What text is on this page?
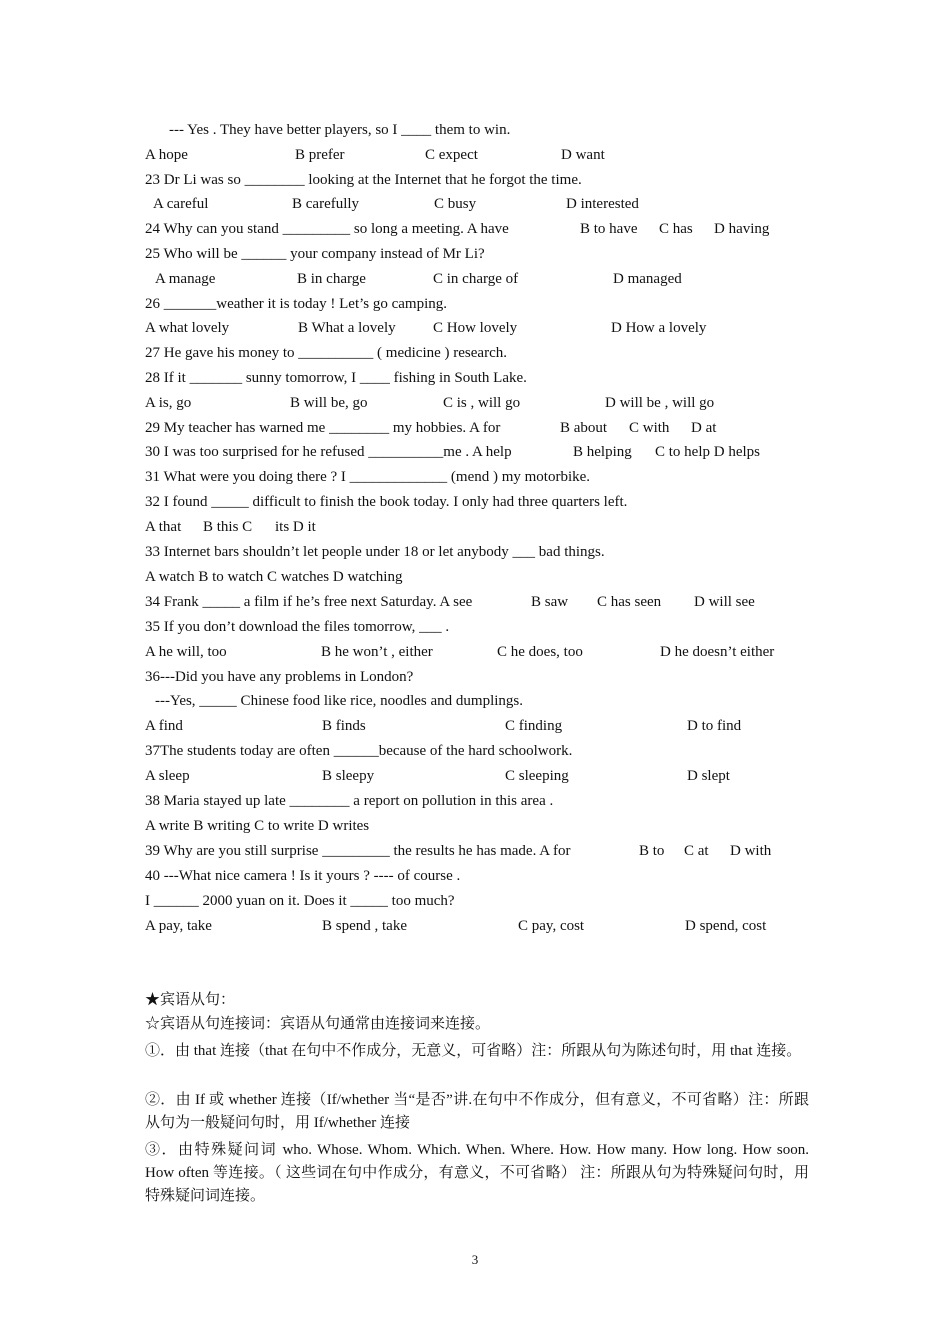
--- Yes . They have better players, so I ____ them to win.

A hope

	B prefer

	C expect

	D want

23 Dr Li was so ________ looking at the Internet that he forgot the time.

A careful

	B carefully

	C busy

	D interested

24 Why can you stand _________ so long a meeting. A have

	B to have

C has

D having

25 Who will be ______ your company instead of Mr Li?

A manage

	B in charge

	C in charge of

	D managed

26 _______weather it is today ! Let’s go camping.

A what lovely

	B What a lovely

C How lovely

	D How a lovely

27 He gave his money to __________ ( medicine ) research.
28 If it _______ sunny tomorrow, I ____ fishing in South Lake.

A is, go

	B will be, go

	C is , will go

	D will be , will go

29 My teacher has warned me ________ my hobbies. A for

	B about

C with

D at

30 I was too surprised for he refused __________me . A help

	B helping

C to help D helps

31 What were you doing there ? I _____________ (mend ) my motorbike.
32 I found _____ difficult to finish the book today. I only had three quarters left.

A that

B this C

its D it

33 Internet bars shouldn’t let people under 18 or let anybody ___ bad things.
A watch B to watch C watches D watching

34 Frank _____ a film if he’s free next Saturday. A see

	B saw

C has seen

D will see

35 If you don’t download the files tomorrow, ___ .

A he will, too

	B he won’t , either

	C he does, too

	D he doesn’t either

36---Did you have any problems in London?
---Yes, _____ Chinese food like rice, noodles and dumplings.

A find

	B finds

	C finding

	D to find

37The students today are often ______because of the hard schoolwork.

A sleep

	B sleepy

	C sleeping

	D slept

38 Maria stayed up late ________ a report on pollution in this area .
A write B writing C to write D writes

39 Why are you still surprise _________ the results he has made. A for

	B to

C at

D with

40 ---What nice camera ! Is it yours ? ---- of course .
I ______ 2000 yuan on it. Does it _____ too much?

A pay, take

	B spend , take

	C pay, cost

	D spend, cost

★宾语从句：
☆宾语从句连接词：宾语从句通常由连接词来连接。
①．由 that 连接（that 在句中不作成分，无意义，可省略）注：所跟从句为陈述句时，用 that 连接。
②．由 If 或 whether 连接（If/whether 当“是否”讲.在句中不作成分，但有意义，不可省略）注：所跟从句为一般疑问句时，用 If/whether 连接
③．由特殊疑问词 who. Whose. Whom. Which. When. Where. How. How many. How long. How soon. How often 等连接。（ 这些词在句中作成分，有意义，不可省略） 注：所跟从句为特殊疑问句时，用特殊疑问词连接。
3
